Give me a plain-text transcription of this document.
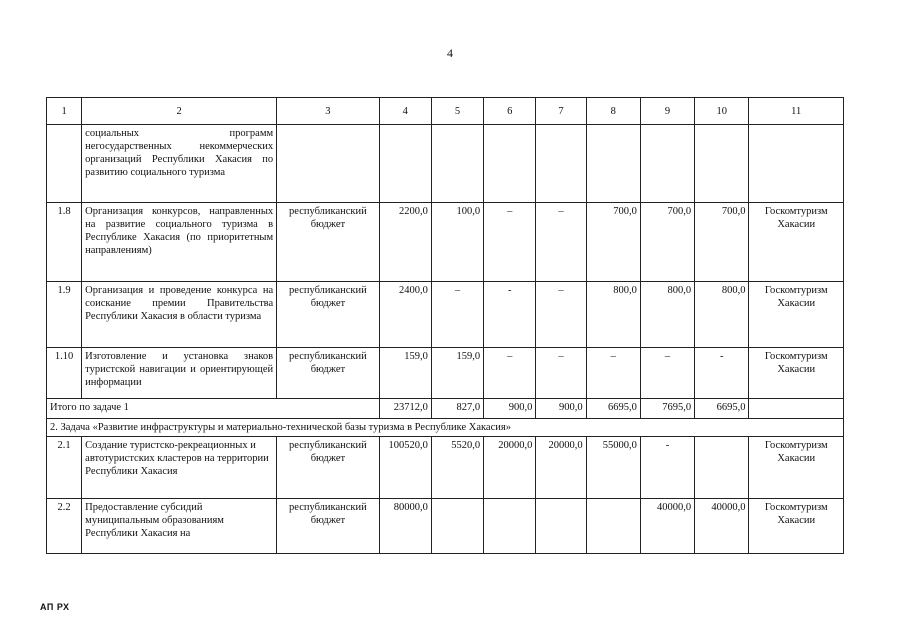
4
1	2	3	4	5	6	7	8	9	10	11
	социальных программ негосударственных некоммерческих организаций Республики Хакасия по развитию социального туризма									
1.8	Организация конкурсов, направленных на развитие социального туризма в Республике Хакасия (по приоритетным направлениям)	республиканский бюджет	2200,0	100,0	–	–	700,0	700,0	700,0	Госкомтуризм Хакасии
1.9	Организация и проведение конкурса на соискание премии Правительства Республики Хакасия в области туризма	республиканский бюджет	2400,0	–	-	–	800,0	800,0	800,0	Госкомтуризм Хакасии
1.10	Изготовление и установка знаков туристской навигации и ориентирующей информации	республиканский бюджет	159,0	159,0	–	–	–	–	-	Госкомтуризм Хакасии
Итого по задаче 1			23712,0	827,0	900,0	900,0	6695,0	7695,0	6695,0	
2. Задача «Развитие инфраструктуры и материально-технической базы туризма в Республике Хакасия»										
2.1	Создание туристско-рекреационных и автотуристских кластеров на территории Республики Хакасия	республиканский бюджет	100520,0	5520,0	20000,0	20000,0	55000,0	-		Госкомтуризм Хакасии
2.2	Предоставление субсидий муниципальным образованиям Республики Хакасия на	республиканский бюджет	80000,0					40000,0	40000,0	Госкомтуризм Хакасии
АП РХ
